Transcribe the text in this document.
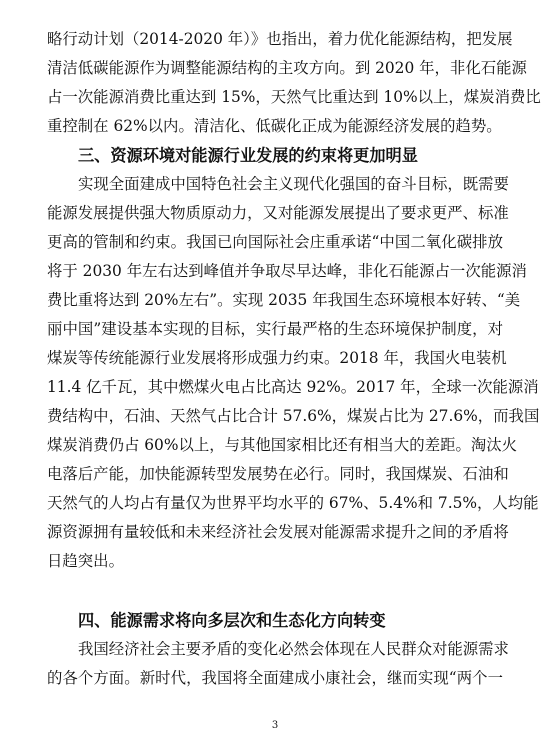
略行动计划（2014-2020 年）》也指出，着力优化能源结构，把发展
清洁低碳能源作为调整能源结构的主攻方向。到 2020 年，非化石能源
占一次能源消费比重达到 15%，天然气比重达到 10%以上，煤炭消费比
重控制在 62%以内。清洁化、低碳化正成为能源经济发展的趋势。
三、资源环境对能源行业发展的约束将更加明显
实现全面建成中国特色社会主义现代化强国的奋斗目标，既需要
能源发展提供强大物质原动力，又对能源发展提出了要求更严、标准
更高的管制和约束。我国已向国际社会庄重承诺“中国二氧化碳排放
将于 2030 年左右达到峰值并争取尽早达峰，非化石能源占一次能源消
费比重将达到 20%左右”。实现 2035 年我国生态环境根本好转、“美
丽中国”建设基本实现的目标，实行最严格的生态环境保护制度，对
煤炭等传统能源行业发展将形成强力约束。2018 年，我国火电装机
11.4 亿千瓦，其中燃煤火电占比高达 92%。2017 年，全球一次能源消
费结构中，石油、天然气占比合计 57.6%，煤炭占比为 27.6%，而我国
煤炭消费仍占 60%以上，与其他国家相比还有相当大的差距。淘汰火
电落后产能，加快能源转型发展势在必行。同时，我国煤炭、石油和
天然气的人均占有量仅为世界平均水平的 67%、5.4%和 7.5%，人均能
源资源拥有量较低和未来经济社会发展对能源需求提升之间的矛盾将
日趋突出。
四、能源需求将向多层次和生态化方向转变
我国经济社会主要矛盾的变化必然会体现在人民群众对能源需求
的各个方面。新时代，我国将全面建成小康社会，继而实现“两个一
3
